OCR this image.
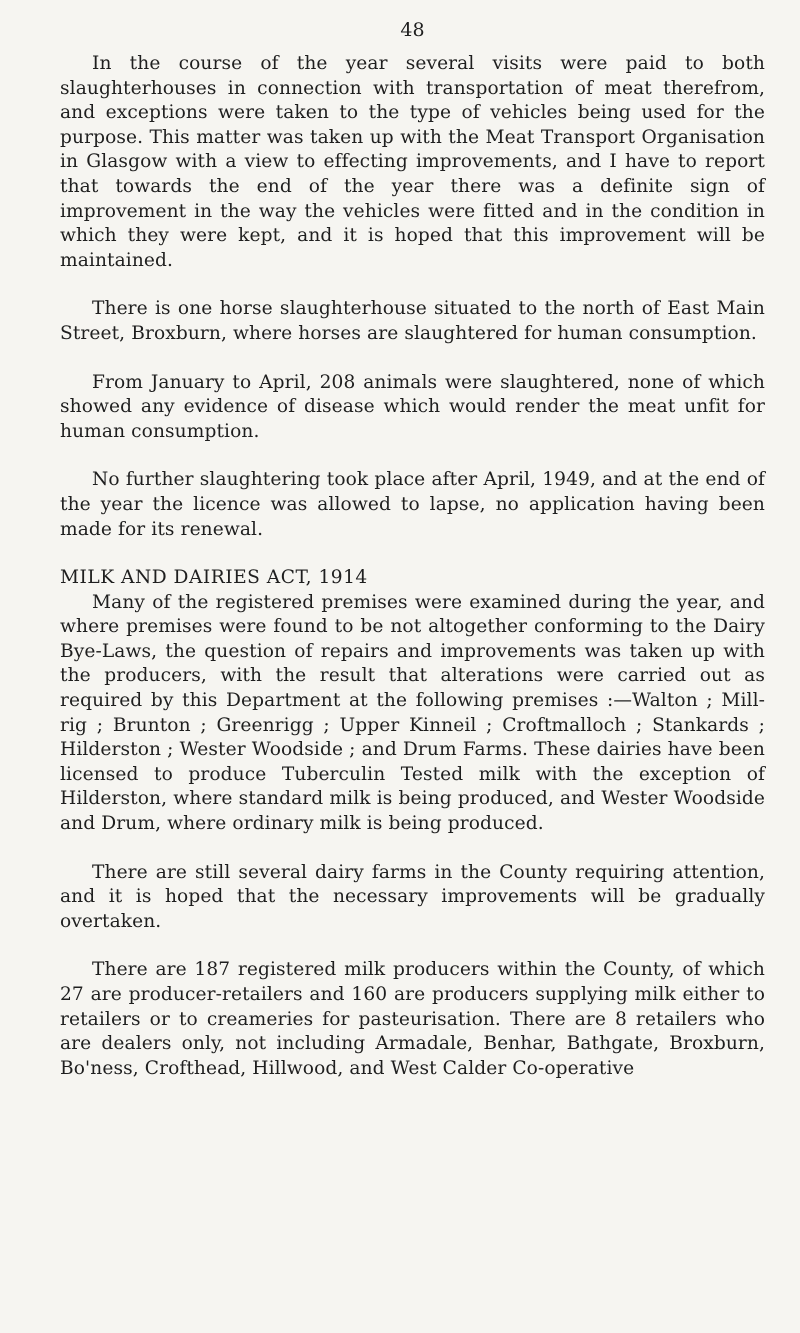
48

In the course of the year several visits were paid to both slaughterhouses in connection with transportation of meat therefrom, and exceptions were taken to the type of vehicles being used for the purpose. This matter was taken up with the Meat Transport Organisation in Glasgow with a view to effecting improvements, and I have to report that towards the end of the year there was a definite sign of improvement in the way the vehicles were fitted and in the condition in which they were kept, and it is hoped that this improvement will be maintained.

There is one horse slaughterhouse situated to the north of East Main Street, Broxburn, where horses are slaughtered for human consumption.

From January to April, 208 animals were slaughtered, none of which showed any evidence of disease which would render the meat unfit for human consumption.

No further slaughtering took place after April, 1949, and at the end of the year the licence was allowed to lapse, no application having been made for its renewal.

MILK AND DAIRIES ACT, 1914

Many of the registered premises were examined during the year, and where premises were found to be not altogether conforming to the Dairy Bye-Laws, the question of repairs and improvements was taken up with the producers, with the result that alterations were carried out as required by this Department at the following premises :—Walton ; Mill-rig ; Brunton ; Greenrigg ; Upper Kinneil ; Croftmalloch ; Stankards ; Hilderston ; Wester Woodside ; and Drum Farms. These dairies have been licensed to produce Tuberculin Tested milk with the exception of Hilderston, where standard milk is being produced, and Wester Woodside and Drum, where ordinary milk is being produced.

There are still several dairy farms in the County requiring attention, and it is hoped that the necessary improvements will be gradually overtaken.

There are 187 registered milk producers within the County, of which 27 are producer-retailers and 160 are producers supplying milk either to retailers or to creameries for pasteurisation. There are 8 retailers who are dealers only, not including Armadale, Benhar, Bathgate, Broxburn, Bo'ness, Crofthead, Hillwood, and West Calder Co-operative
